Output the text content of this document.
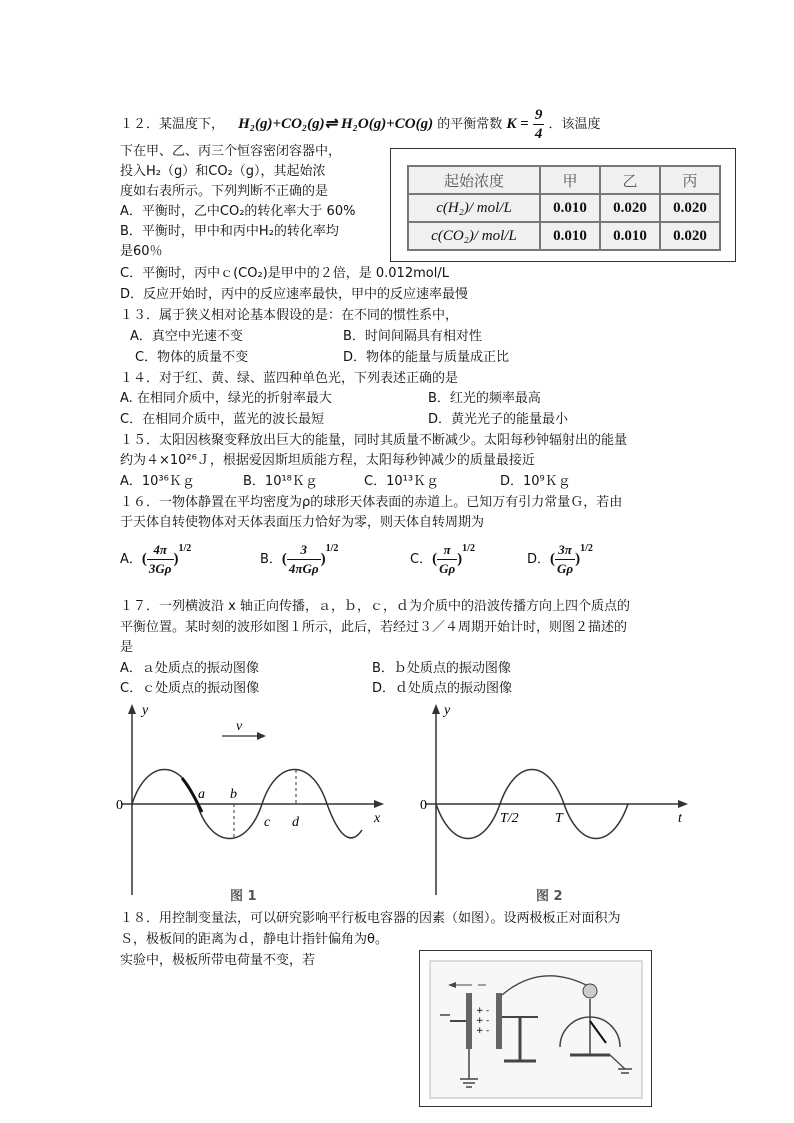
１２．某温度下， H₂(g)+CO₂(g)⇌ H₂O(g)+CO(g) 的平衡常数 $K = \frac{9}{4}$ ．该温度
下在甲、乙、丙三个恒容密闭容器中，
投入H₂（g）和CO₂（g），其起始浓
度如右表所示。下列判断不正确的是
A．平衡时，乙中CO₂的转化率大于 60%
B．平衡时，甲中和丙中H₂的转化率均
是60％
C．平衡时，丙中ｃ(CO₂)是甲中的２倍，是 0.012mol/L
D．反应开始时，丙中的反应速率最快，甲中的反应速率最慢
起始浓度	甲	乙	丙
c(H₂)/ mol/L	0.010	0.020	0.020
c(CO₂)/ mol/L	0.010	0.010	0.020
１３．属于狭义相对论基本假设的是：在不同的惯性系中，
A．真空中光速不变	B．时间间隔具有相对性
C．物体的质量不变	D．物体的能量与质量成正比
１４．对于红、黄、绿、蓝四种单色光，下列表述正确的是
A. 在相同介质中，绿光的折射率最大	B．红光的频率最高
C．在相同介质中，蓝光的波长最短	D．黄光光子的能量最小
１５．太阳因核聚变释放出巨大的能量，同时其质量不断减少。太阳每秒钟辐射出的能量
约为４×10²⁶Ｊ，根据爱因斯坦质能方程，太阳每秒钟减少的质量最接近
A．10³⁶Ｋｇ	B．10¹⁸Ｋｇ	C．10¹³Ｋｇ	D．10⁹Ｋｇ
１６．一物体静置在平均密度为ρ的球形天体表面的赤道上。已知万有引力常量Ｇ，若由
于天体自转使物体对天体表面压力恰好为零，则天体自转周期为
A．( $\frac{4\pi}{3G\rho} )^{1/2}$
B．( $\frac{3}{\text{4πGρ}} )^{1/2}$
C．( $\frac{\pi}{G\rho} )^{1/2}$
D．( $\frac{3\pi}{G\rho} )^{1/2}$
１７．一列横波沿 x 轴正向传播，ａ，ｂ，ｃ，ｄ为介质中的沿波传播方向上四个质点的
平衡位置。某时刻的波形如图１所示，此后，若经过３／４周期开始计时，则图２描述的
是
A．ａ处质点的振动图像	B．ｂ处质点的振动图像
C．ｃ处质点的振动图像	D．ｄ处质点的振动图像
y
x
v
0
a b
c d
图 1
y
t
0
T/2	T
图 2
１８．用控制变量法，可以研究影响平行板电容器的因素（如图）。设两极板正对面积为
Ｓ，极板间的距离为ｄ，静电计指针偏角为θ。
实验中，极板所带电荷量不变，若
+
+
+
-
-
-
